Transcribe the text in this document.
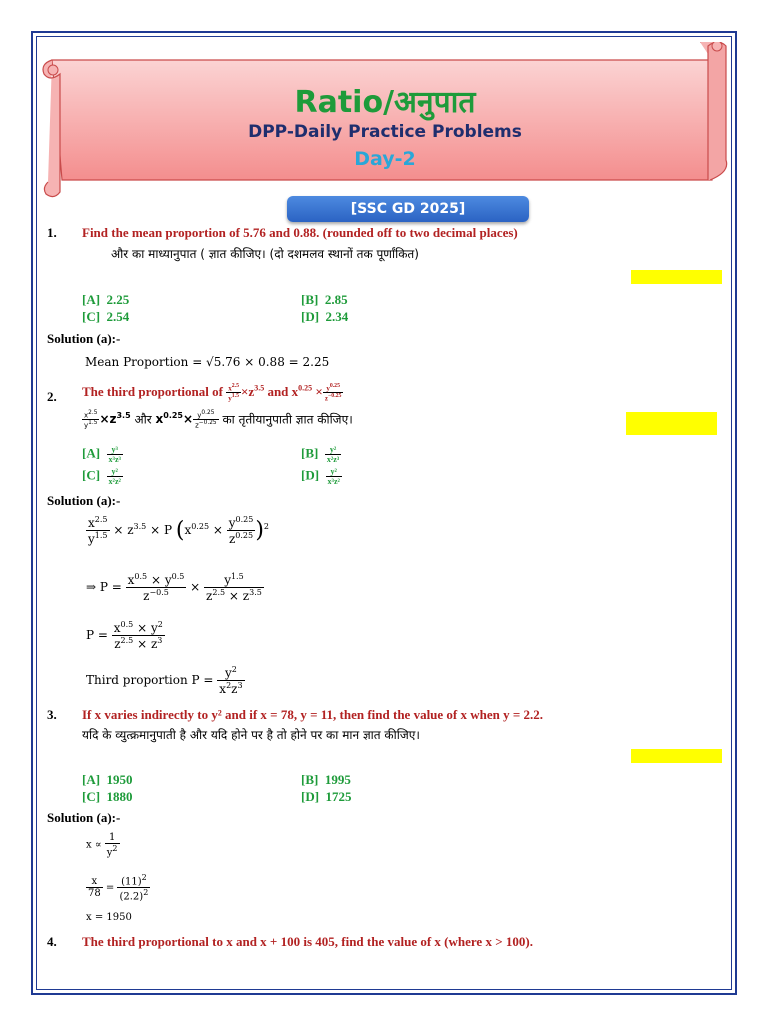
Ratio/अनुपात
DPP-Daily Practice Problems
Day-2
[SSC GD 2025]
1. Find the mean proportion of 5.76 and 0.88. (rounded off to two decimal places)
और का माध्यानुपात ( ज्ञात कीजिए। (दो दशमलव स्थानों तक पूर्णांकित)
[A] 2.25	[B] 2.85
[C] 2.54	[D] 2.34
Solution (a):-
Mean Proportion = √5.76 × 0.88 = 2.25
2. The third proportional of $\frac{x^{2.5}}{y^{1.5}} \times z^{3.5}$ and $x^{0.25} \times \frac{y^{0.25}}{z^{-0.25}}$
$\frac{x^{2.5}}{y^{1.5}} \times z^{3.5}$ और $x^{0.25}\times \frac{y^{0.25}}{z^{-0.25}}$ का तृतीयानुपाती ज्ञात कीजिए।
$[A] \frac{\text{y³}}{\text{x³z³}}$	$[B] \frac{\text{y²}}{\text{x²z³}}$
$[C] \frac{\text{y²}}{\text{x²z²}}$	$[D] \frac{\text{y²}}{\text{x³z²}}$
Solution (a):-
$\frac{x^{2.5}}{y^{1.5}} \times z^{3.5} \times P$ $(x^{0.25} \times \frac{y^{0.25}}{z^{0.25}} )^2$
⇒ $P = \frac{x^{0.5} \times y^{0.5}}{z^{-0.5}} \times \frac{y^{1.5}}{z^{2.5} \times z^{3.5}}$
$P = \frac{x^{0.5} \times y^2}{z^{2.5} \times z^3}$
Third proportion $P = \frac{y^2}{x^2z^3}$
3. If x varies indirectly to y² and if x = 78, y = 11, then find the value of x when y = 2.2.
यदि के व्युत्क्रमानुपाती है और यदि होने पर है तो होने पर का मान ज्ञात कीजिए।
[A] 1950	[B] 1995
[C] 1880	[D] 1725
Solution (a):-
$x \propto \frac{1}{y^2}$
$\frac{x}{78} = \frac{(11)^2}{(2.2)^2}$
x = 1950
4. The third proportional to x and x + 100 is 405, find the value of x (where x > 100).
